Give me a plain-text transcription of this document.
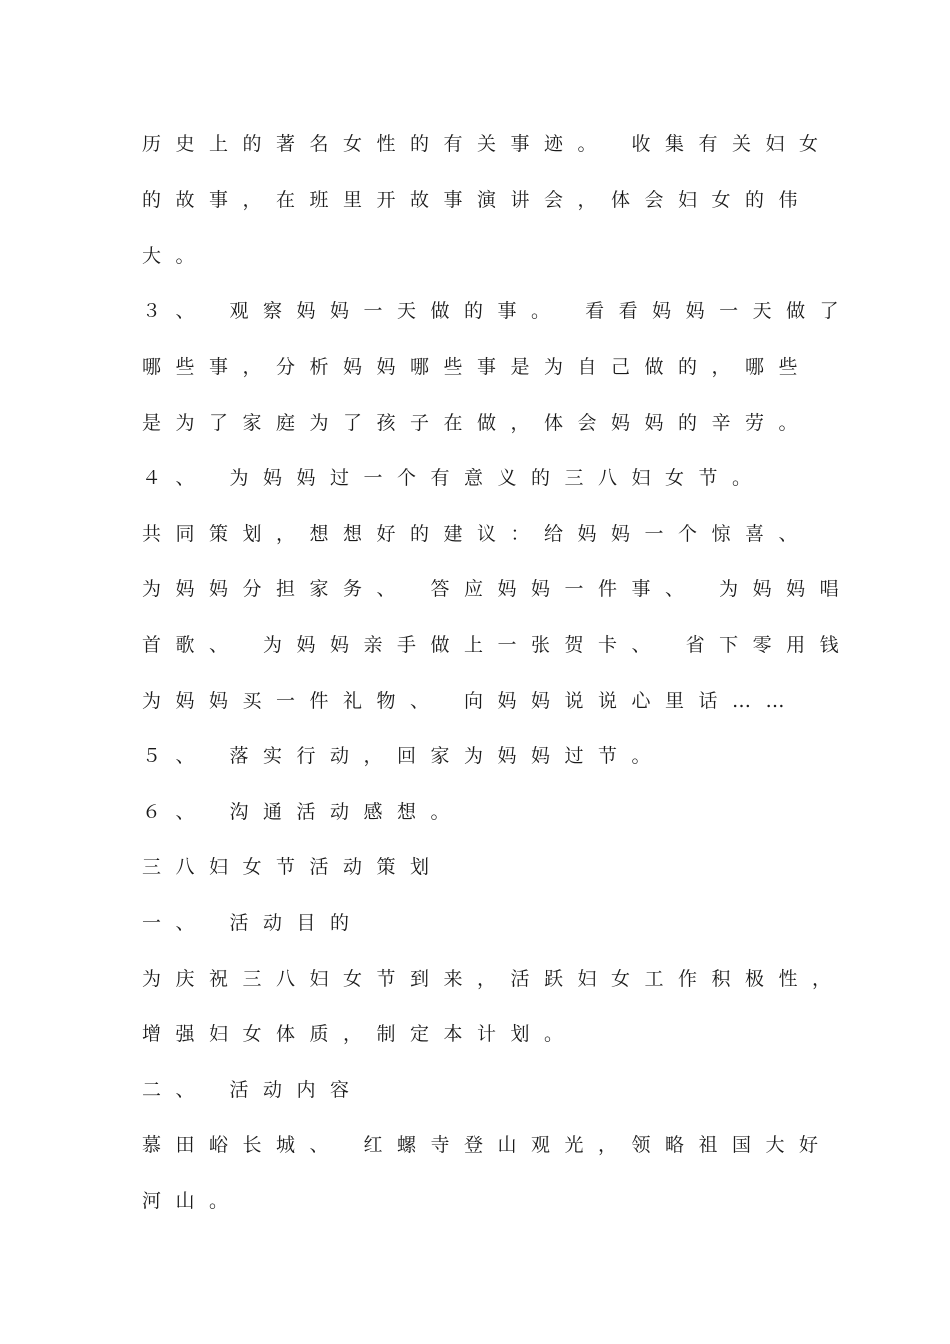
历史上的著名女性的有关事迹。 收集有关妇女
的故事，在班里开故事演讲会，体会妇女的伟
大。
３、 观察妈妈一天做的事。 看看妈妈一天做了
哪些事，分析妈妈哪些事是为自己做的，哪些
是为了家庭为了孩子在做，体会妈妈的辛劳。
４、 为妈妈过一个有意义的三八妇女节。
共同策划，想想好的建议：给妈妈一个惊喜、
为妈妈分担家务、 答应妈妈一件事、 为妈妈唱
首歌、 为妈妈亲手做上一张贺卡、 省下零用钱
为妈妈买一件礼物、 向妈妈说说心里话……
５、 落实行动，回家为妈妈过节。
６、 沟通活动感想。
三八妇女节活动策划
一、 活动目的
为庆祝三八妇女节到来，活跃妇女工作积极性，
增强妇女体质，制定本计划。
二、 活动内容
慕田峪长城、 红螺寺登山观光，领略祖国大好
河山。
